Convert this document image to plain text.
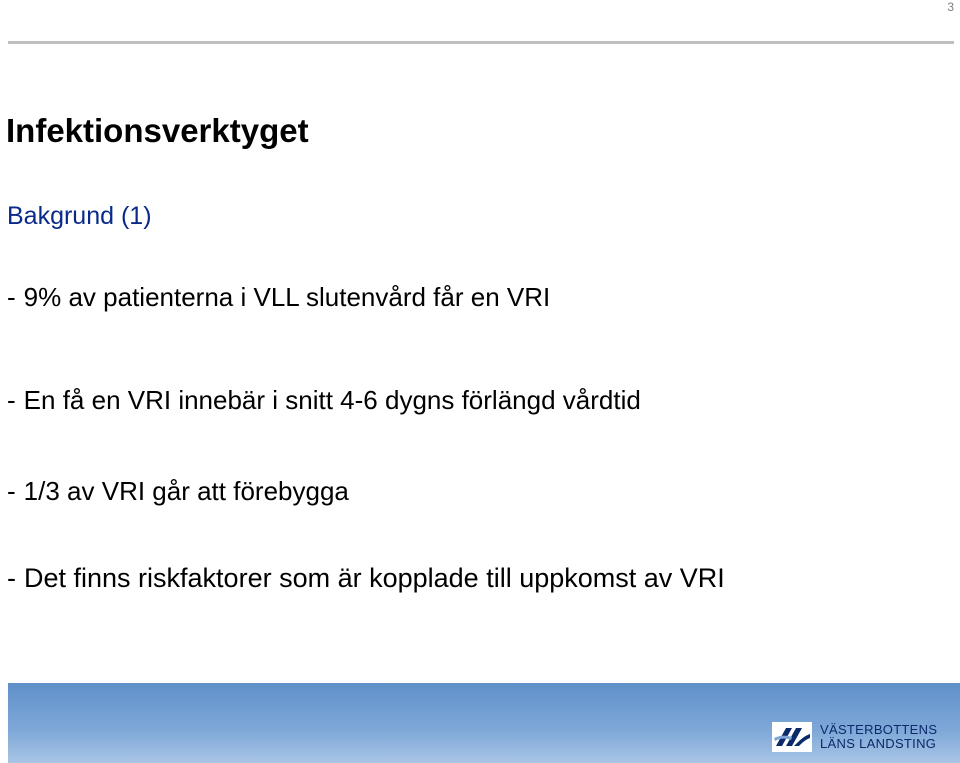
3
Infektionsverktyget
Bakgrund (1)
- 9% av patienterna i VLL slutenvård får en VRI
- En få en VRI innebär i snitt 4-6 dygns förlängd vårdtid
- 1/3 av VRI går att förebygga
- Det finns riskfaktorer som är kopplade till uppkomst av VRI
VÄSTERBOTTENS
LÄNS LANDSTING
